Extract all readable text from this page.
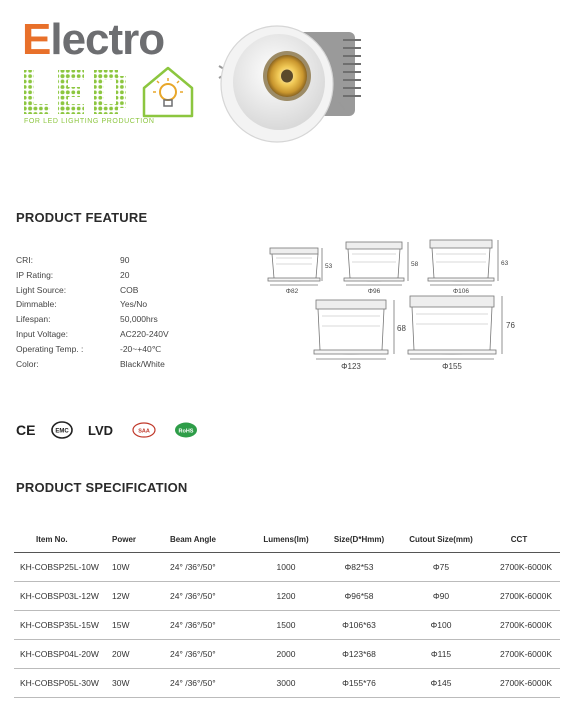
Electro
FOR LED LIGHTING PRODUCTION
PRODUCT FEATURE
CRI:	90
IP Rating:	20
Light Source:	COB
Dimmable:	Yes/No
Lifespan:	50,000hrs
Input Voltage:	AC220-240V
Operating Temp. :	-20~+40℃
Color:	Black/White
Φ82
53
Φ96
58
Φ106
63
Φ123
68
Φ155
76
CE	EMC LVD	SAA	RoHS
PRODUCT SPECIFICATION
Item No.	Power	Beam Angle	Lumens(lm)	Size(D*Hmm)	Cutout Size(mm)	CCT
KH-COBSP25L-10W	10W	24° /36°/50°	1000	Φ82*53	Φ75	2700K-6000K
KH-COBSP03L-12W	12W	24° /36°/50°	1200	Φ96*58	Φ90	2700K-6000K
KH-COBSP35L-15W	15W	24° /36°/50°	1500	Φ106*63	Φ100	2700K-6000K
KH-COBSP04L-20W	20W	24° /36°/50°	2000	Φ123*68	Φ115	2700K-6000K
KH-COBSP05L-30W	30W	24° /36°/50°	3000	Φ155*76	Φ145	2700K-6000K
